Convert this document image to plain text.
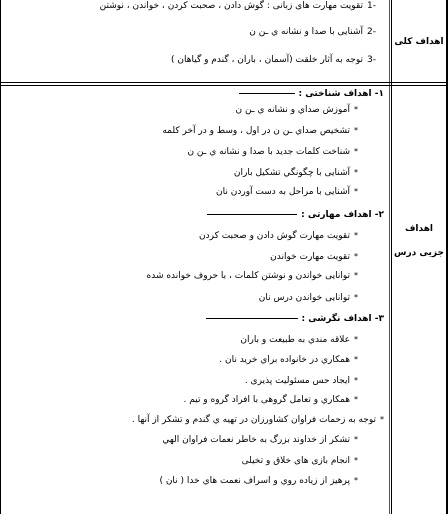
اهداف کلی
-1تقویت مهارت های زبانی : گوش دادن ، صحبت کردن ، خواندن ، نوشتن
-2آشنایی با صدا و نشانه ي ـن ن
-3توجه به آثار خلقت (آسمان ، باران ، گندم و گیاهان )
اهداف
جزیی درس
١- اهداف شناختی :
*آموزش صداي و نشانه ي ـن ن
*تشخیص صداي ـن ن در اول ، وسط و در آخر کلمه
*شناخت کلمات جدید با صدا و نشانه ي ـن ن
*آشنایی با چگونگي تشکیل باران
*آشنایی با مراحل به دست آوردن نان
٢- اهداف مهارتی :
*تقویت مهارت گوش دادن و صحبت کردن
*تقویت مهارت خواندن
*توانایی خواندن و نوشتن کلمات ، با حروف خوانده شده
*توانایی خواندن درس نان
٣- اهداف نگرشی :
*علاقه مندي به طبیعت و باران
*همکاري در خانواده براي خرید نان .
*ایجاد حس مسئولیت پذیری .
*همکاري و تعامل گروهی با افراد گروه و تیم .
*توجه به زحمات فراوان کشاورزان در تهیه ي گندم و تشکر از آنها .
*تشکر از خداوند بزرگ به خاطر نعمات فراوان الهي
*انجام بازی های خلاق و تخیلی
*پرهیز از زیاده روي و اسراف نعمت هاي خدا ( نان )
